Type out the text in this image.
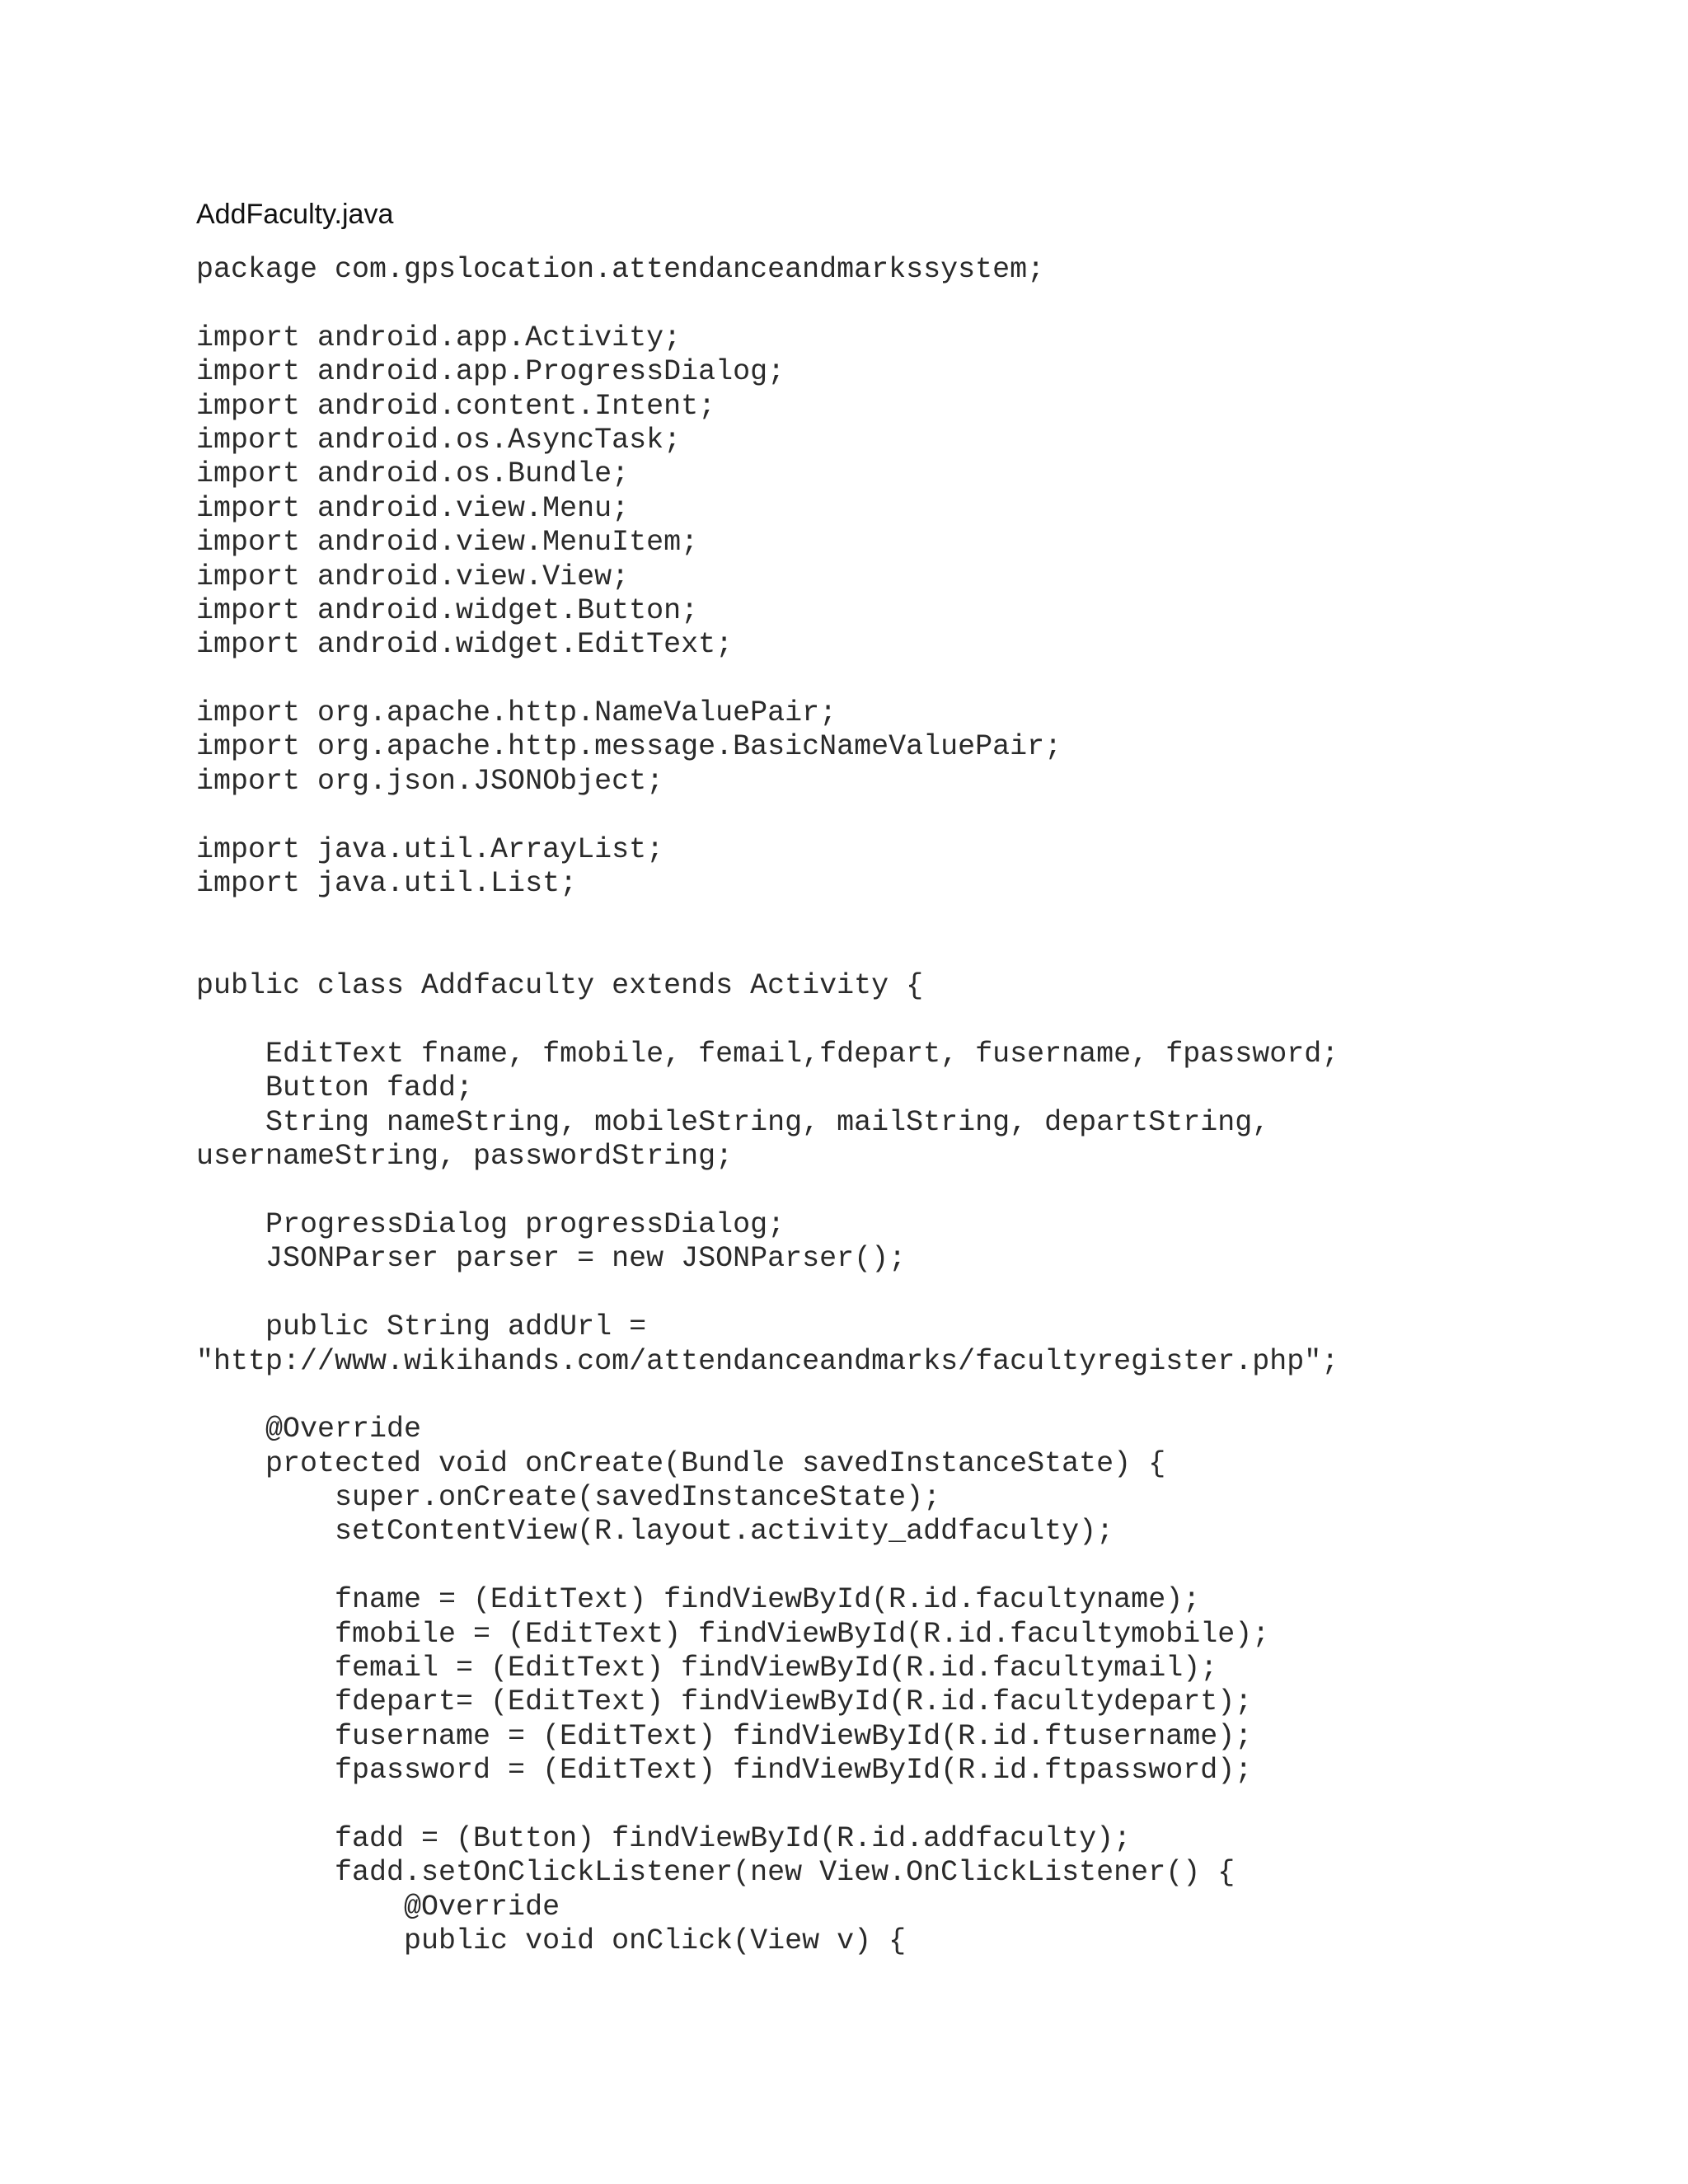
AddFaculty.java
package com.gpslocation.attendanceandmarkssystem;
import android.app.Activity;
import android.app.ProgressDialog;
import android.content.Intent;
import android.os.AsyncTask;
import android.os.Bundle;
import android.view.Menu;
import android.view.MenuItem;
import android.view.View;
import android.widget.Button;
import android.widget.EditText;
import org.apache.http.NameValuePair;
import org.apache.http.message.BasicNameValuePair;
import org.json.JSONObject;
import java.util.ArrayList;
import java.util.List;
public class Addfaculty extends Activity {
EditText fname, fmobile, femail,fdepart, fusername, fpassword;
Button fadd;
String nameString, mobileString, mailString, departString,
usernameString, passwordString;
ProgressDialog progressDialog;
JSONParser parser = new JSONParser();
public String addUrl =
"http://www.wikihands.com/attendanceandmarks/facultyregister.php";
@Override
protected void onCreate(Bundle savedInstanceState) {
super.onCreate(savedInstanceState);
setContentView(R.layout.activity_addfaculty);
fname = (EditText) findViewById(R.id.facultyname);
fmobile = (EditText) findViewById(R.id.facultymobile);
femail = (EditText) findViewById(R.id.facultymail);
fdepart= (EditText) findViewById(R.id.facultydepart);
fusername = (EditText) findViewById(R.id.ftusername);
fpassword = (EditText) findViewById(R.id.ftpassword);
fadd = (Button) findViewById(R.id.addfaculty);
fadd.setOnClickListener(new View.OnClickListener() {
@Override
public void onClick(View v) {
